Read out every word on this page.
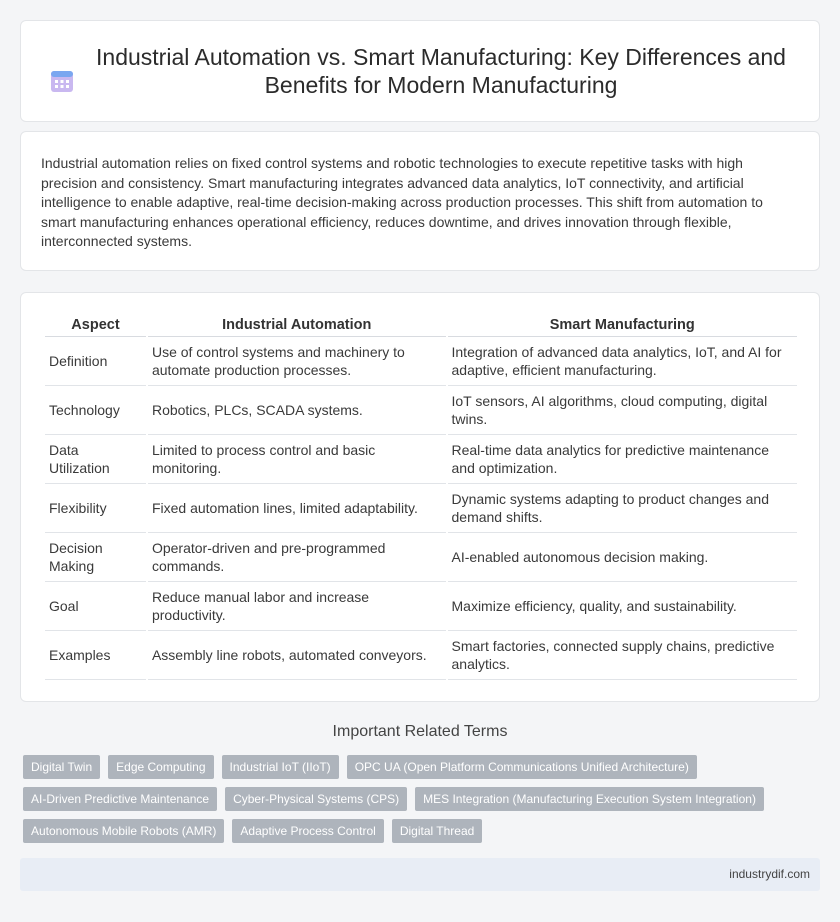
Industrial Automation vs. Smart Manufacturing: Key Differences and Benefits for Modern Manufacturing

Industrial automation relies on fixed control systems and robotic technologies to execute repetitive tasks with high precision and consistency. Smart manufacturing integrates advanced data analytics, IoT connectivity, and artificial intelligence to enable adaptive, real-time decision-making across production processes. This shift from automation to smart manufacturing enhances operational efficiency, reduces downtime, and drives innovation through flexible, interconnected systems.

Aspect	Industrial Automation	Smart Manufacturing
Definition	Use of control systems and machinery to automate production processes.	Integration of advanced data analytics, IoT, and AI for adaptive, efficient manufacturing.
Technology	Robotics, PLCs, SCADA systems.	IoT sensors, AI algorithms, cloud computing, digital twins.
Data Utilization	Limited to process control and basic monitoring.	Real-time data analytics for predictive maintenance and optimization.
Flexibility	Fixed automation lines, limited adaptability.	Dynamic systems adapting to product changes and demand shifts.
Decision Making	Operator-driven and pre-programmed commands.	AI-enabled autonomous decision making.
Goal	Reduce manual labor and increase productivity.	Maximize efficiency, quality, and sustainability.
Examples	Assembly line robots, automated conveyors.	Smart factories, connected supply chains, predictive analytics.
Important Related Terms
Digital Twin	Edge Computing	Industrial IoT (IIoT)	OPC UA (Open Platform Communications Unified Architecture)
AI-Driven Predictive Maintenance	Cyber-Physical Systems (CPS)	MES Integration (Manufacturing Execution System Integration)
Autonomous Mobile Robots (AMR)	Adaptive Process Control	Digital Thread
industrydif.com
